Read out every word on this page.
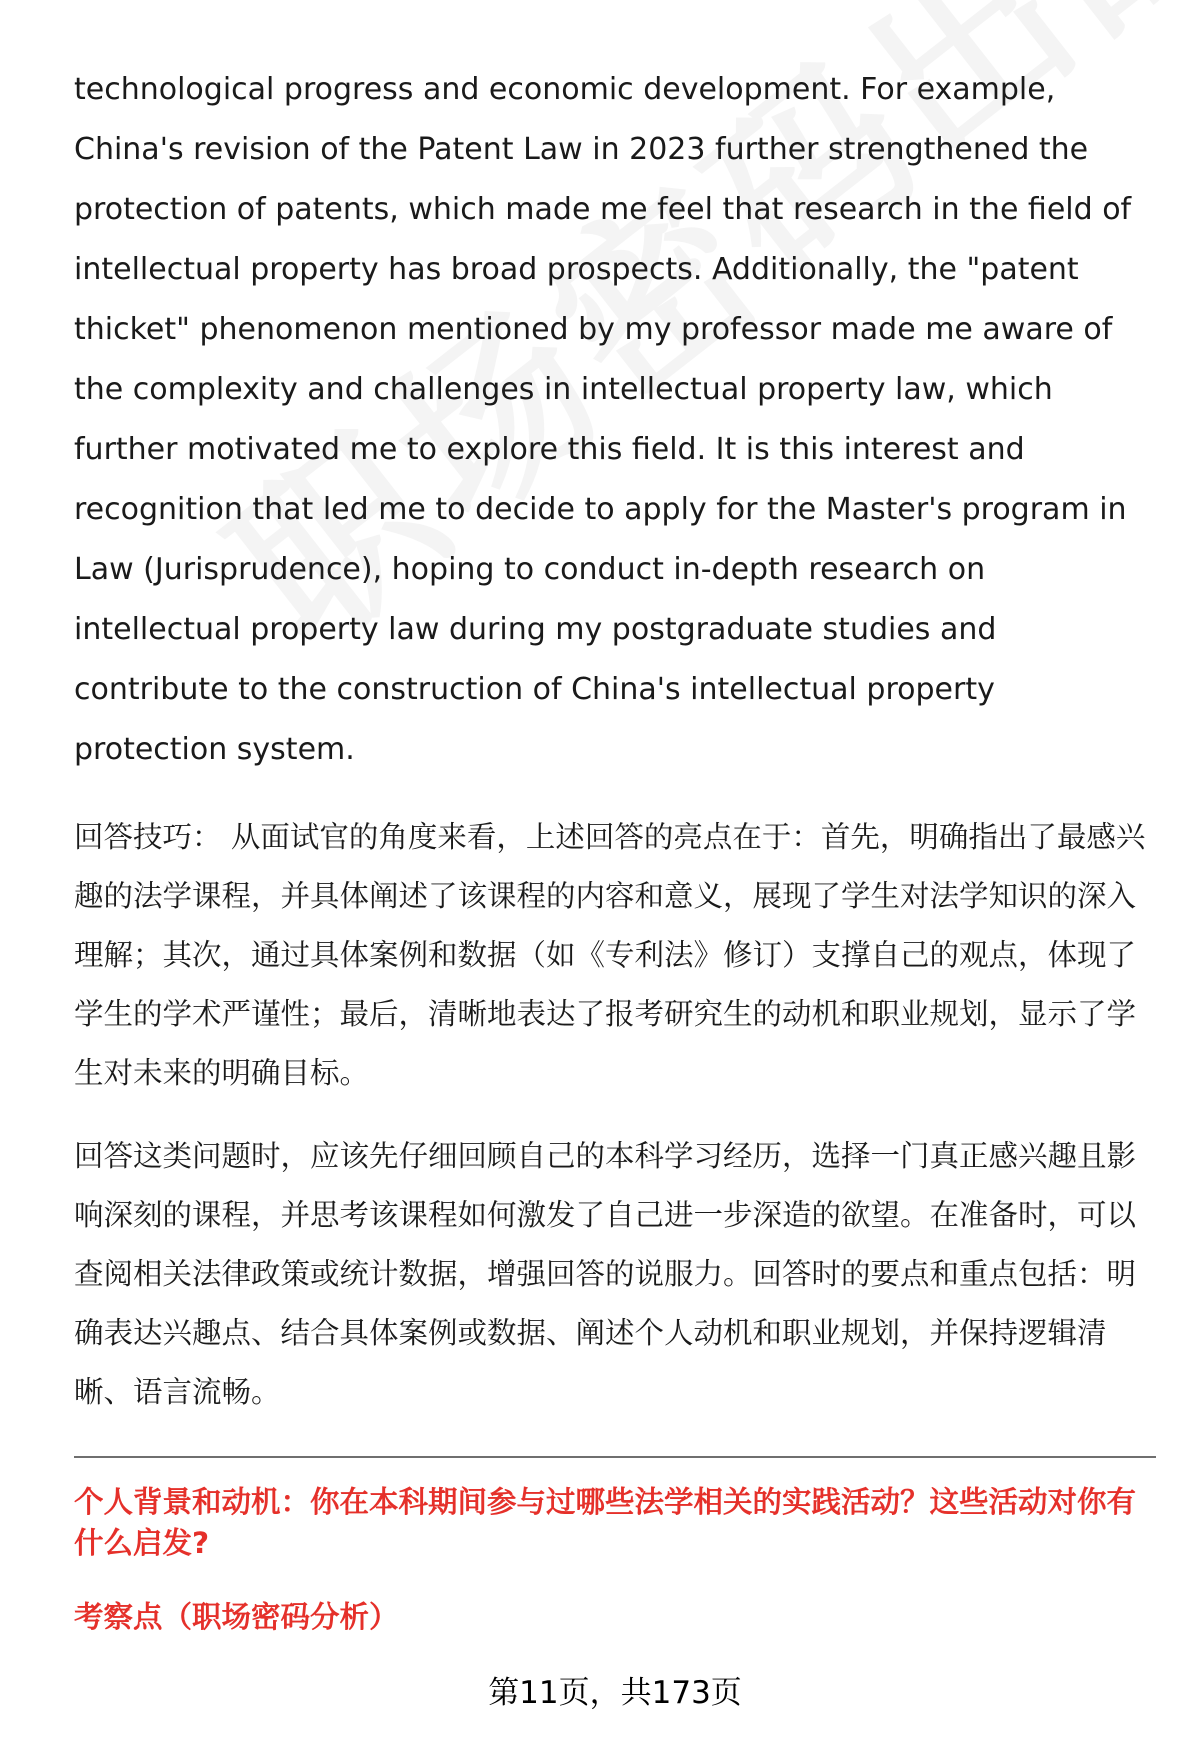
technological progress and economic development. For example, China's revision of the Patent Law in 2023 further strengthened the protection of patents, which made me feel that research in the field of intellectual property has broad prospects. Additionally, the "patent thicket" phenomenon mentioned by my professor made me aware of the complexity and challenges in intellectual property law, which further motivated me to explore this field. It is this interest and recognition that led me to decide to apply for the Master's program in Law (Jurisprudence), hoping to conduct in-depth research on intellectual property law during my postgraduate studies and contribute to the construction of China's intellectual property protection system.

回答技巧： 从面试官的角度来看，上述回答的亮点在于：首先，明确指出了最感兴趣的法学课程，并具体阐述了该课程的内容和意义，展现了学生对法学知识的深入理解；其次，通过具体案例和数据（如《专利法》修订）支撑自己的观点，体现了学生的学术严谨性；最后，清晰地表达了报考研究生的动机和职业规划，显示了学生对未来的明确目标。

回答这类问题时，应该先仔细回顾自己的本科学习经历，选择一门真正感兴趣且影响深刻的课程，并思考该课程如何激发了自己进一步深造的欲望。在准备时，可以查阅相关法律政策或统计数据，增强回答的说服力。回答时的要点和重点包括：明确表达兴趣点、结合具体案例或数据、阐述个人动机和职业规划，并保持逻辑清晰、语言流畅。

个人背景和动机：你在本科期间参与过哪些法学相关的实践活动？这些活动对你有什么启发?

考察点（职场密码分析）

第11页，共173页
